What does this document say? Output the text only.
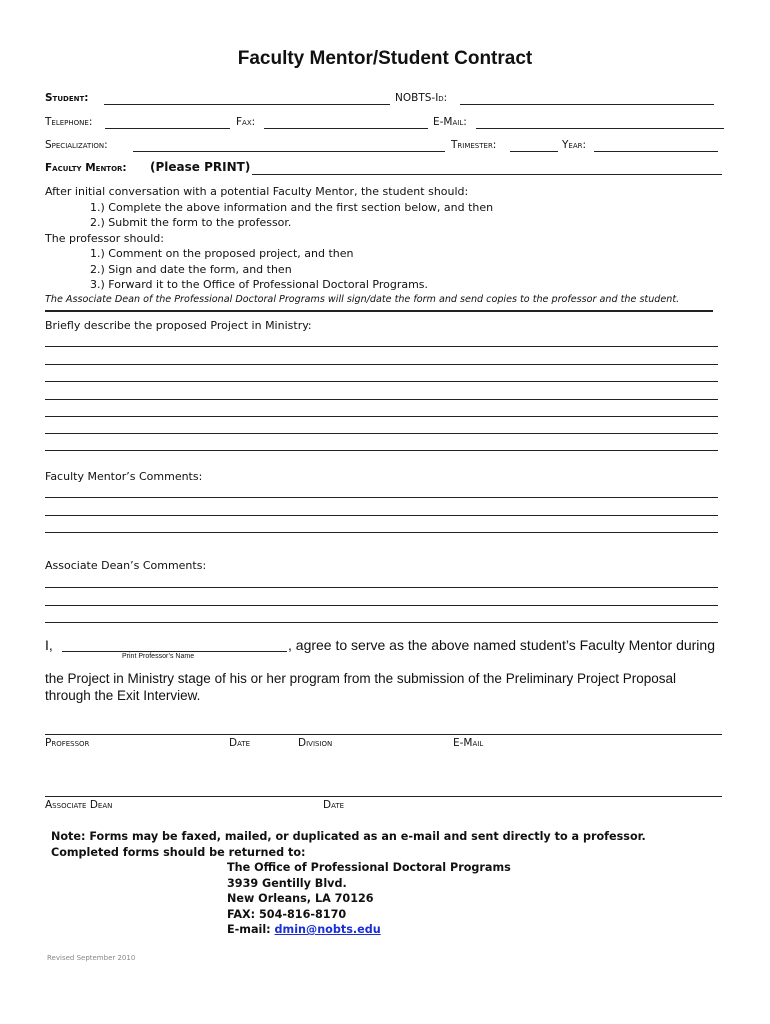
Faculty Mentor/Student Contract
Student:	NOBTS-Id:
Telephone:	Fax:	E-Mail:
Specialization:	Trimester:	Year:
Faculty Mentor: (Please PRINT)
After initial conversation with a potential Faculty Mentor, the student should:
1.) Complete the above information and the first section below, and then
2.) Submit the form to the professor.
The professor should:
1.) Comment on the proposed project, and then
2.) Sign and date the form, and then
3.) Forward it to the Office of Professional Doctoral Programs.
The Associate Dean of the Professional Doctoral Programs will sign/date the form and send copies to the professor and the student.
Briefly describe the proposed Project in Ministry:
Faculty Mentor’s Comments:
Associate Dean’s Comments:
I,	, agree to serve as the above named student’s Faculty Mentor during
Print Professor’s Name
the Project in Ministry stage of his or her program from the submission of the Preliminary Project Proposal
through the Exit Interview.
Professor	Date	Division	E-Mail
Associate Dean	Date
Note: Forms may be faxed, mailed, or duplicated as an e-mail and sent directly to a professor.
Completed forms should be returned to:
The Office of Professional Doctoral Programs
3939 Gentilly Blvd.
New Orleans, LA 70126
FAX: 504-816-8170
E-mail: dmin@nobts.edu
Revised September 2010
